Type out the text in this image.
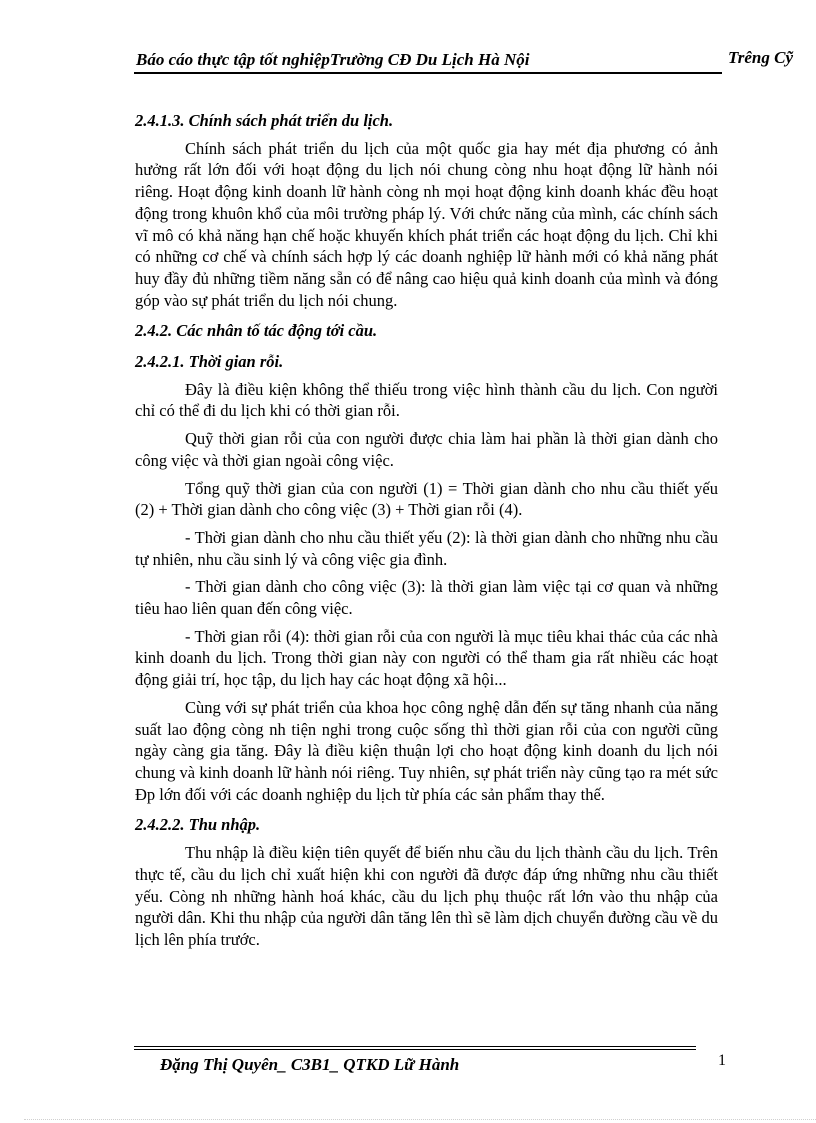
Báo cáo thực tập tốt nghiệpTrường CĐ Du Lịch Hà Nội	Trêng Cỹ

2.4.1.3. Chính sách phát triển du lịch.

Chính sách phát triển du lịch của một quốc gia hay mét địa phương có ảnh hưởng rất lớn đối với hoạt động du lịch nói chung còng nhu hoạt động lữ hành nói riêng. Hoạt động kinh doanh lữ hành còng nh mọi hoạt động kinh doanh khác đều hoạt động trong khuôn khổ của môi trường pháp lý. Với chức năng của mình, các chính sách vĩ mô có khả năng hạn chế hoặc khuyến khích phát triển các hoạt động du lịch. Chỉ khi có những cơ chế và chính sách hợp lý các doanh nghiệp lữ hành mới có khả năng phát huy đầy đủ những tiềm năng sẵn có để nâng cao hiệu quả kinh doanh của mình và đóng góp vào sự phát triển du lịch nói chung.

2.4.2. Các nhân tố tác động tới cầu.

2.4.2.1. Thời gian rỗi.

Đây là điều kiện không thể thiếu trong việc hình thành cầu du lịch. Con người chỉ có thể đi du lịch khi có thời gian rỗi.

Quỹ thời gian rỗi của con người được chia làm hai phần là thời gian dành cho công việc và thời gian ngoài công việc.

Tổng quỹ thời gian của con người (1) = Thời gian dành cho nhu cầu thiết yếu (2) + Thời gian dành cho công việc (3) + Thời gian rỗi (4).

- Thời gian dành cho nhu cầu thiết yếu (2): là thời gian dành cho những nhu cầu tự nhiên, nhu cầu sinh lý và công việc gia đình.

- Thời gian dành cho công việc (3): là thời gian làm việc tại cơ quan và những tiêu hao liên quan đến công việc.

- Thời gian rỗi (4): thời gian rỗi của con người là mục tiêu khai thác của các nhà kinh doanh du lịch. Trong thời gian này con người có thể tham gia rất nhiều các hoạt động giải trí, học tập, du lịch hay các hoạt động xã hội...

Cùng với sự phát triển của khoa học công nghệ dẫn đến sự tăng nhanh của năng suất lao động còng nh tiện nghi trong cuộc sống thì thời gian rỗi của con người cũng ngày càng gia tăng. Đây là điều kiện thuận lợi cho hoạt động kinh doanh du lịch nói chung và kinh doanh lữ hành nói riêng. Tuy nhiên, sự phát triển này cũng tạo ra mét sức Ðp lớn đối với các doanh nghiệp du lịch từ phía các sản phẩm thay thế.

2.4.2.2. Thu nhập.

Thu nhập là điều kiện tiên quyết để biến nhu cầu du lịch thành cầu du lịch. Trên thực tế, cầu du lịch chỉ xuất hiện khi con người đã được đáp ứng những nhu cầu thiết yếu. Còng nh những hành hoá khác, cầu du lịch phụ thuộc rất lớn vào thu nhập của người dân. Khi thu nhập của người dân tăng lên thì sẽ làm dịch chuyển đường cầu về du lịch lên phía trước.

Đặng Thị Quyên_ C3B1_ QTKD Lữ Hành	1
